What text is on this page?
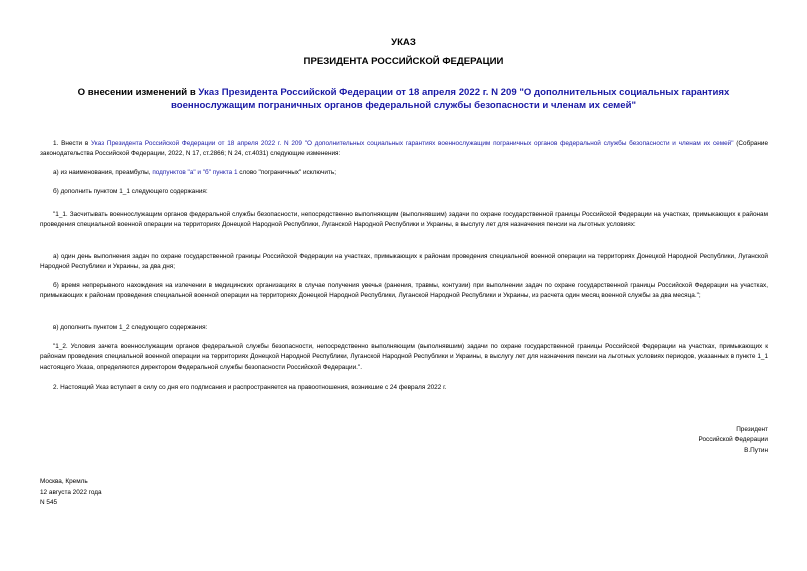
УКАЗ
ПРЕЗИДЕНТА РОССИЙСКОЙ ФЕДЕРАЦИИ
О внесении изменений в Указ Президента Российской Федерации от 18 апреля 2022 г. N 209 "О дополнительных социальных гарантиях военнослужащим пограничных органов федеральной службы безопасности и членам их семей"

1. Внести в Указ Президента Российской Федерации от 18 апреля 2022 г. N 209 "О дополнительных социальных гарантиях военнослужащим пограничных органов федеральной службы безопасности и членам их семей" (Собрание законодательства Российской Федерации, 2022, N 17, ст.2866; N 24, ст.4031) следующие изменения:

а) из наименования, преамбулы, подпунктов "а" и "б" пункта 1 слово "пограничных" исключить;

б) дополнить пунктом 1_1 следующего содержания:

"1_1. Засчитывать военнослужащим органов федеральной службы безопасности, непосредственно выполняющим (выполнявшим) задачи по охране государственной границы Российской Федерации на участках, примыкающих к районам проведения специальной военной операции на территориях Донецкой Народной Республики, Луганской Народной Республики и Украины, в выслугу лет для назначения пенсии на льготных условиях:

а) один день выполнения задач по охране государственной границы Российской Федерации на участках, примыкающих к районам проведения специальной военной операции на территориях Донецкой Народной Республики, Луганской Народной Республики и Украины, за два дня;

б) время непрерывного нахождения на излечении в медицинских организациях в случае получения увечья (ранения, травмы, контузии) при выполнении задач по охране государственной границы Российской Федерации на участках, примыкающих к районам проведения специальной военной операции на территориях Донецкой Народной Республики, Луганской Народной Республики и Украины, из расчета один месяц военной службы за два месяца.";

в) дополнить пунктом 1_2 следующего содержания:

"1_2. Условия зачета военнослужащим органов федеральной службы безопасности, непосредственно выполняющим (выполнявшим) задачи по охране государственной границы Российской Федерации на участках, примыкающих к районам проведения специальной военной операции на территориях Донецкой Народной Республики, Луганской Народной Республики и Украины, в выслугу лет для назначения пенсии на льготных условиях периодов, указанных в пункте 1_1 настоящего Указа, определяются директором Федеральной службы безопасности Российской Федерации.".

2. Настоящий Указ вступает в силу со дня его подписания и распространяется на правоотношения, возникшие с 24 февраля 2022 г.

Президент
Российской Федерации
В.Путин
Москва, Кремль
12 августа 2022 года
N 545
